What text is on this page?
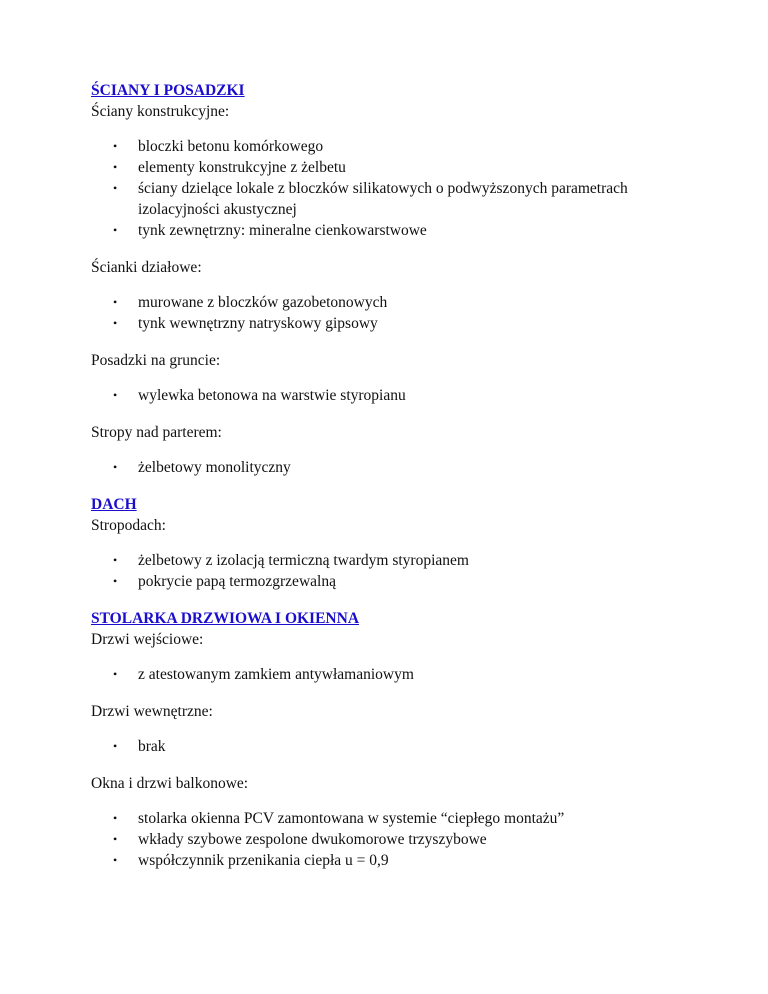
ŚCIANY I POSADZKI

Ściany konstrukcyjne:

• bloczki betonu komórkowego
• elementy konstrukcyjne z żelbetu
• ściany dzielące lokale z bloczków silikatowych o podwyższonych parametrach izolacyjności akustycznej
• tynk zewnętrzny: mineralne cienkowarstwowe

Ścianki działowe:

• murowane z bloczków gazobetonowych
• tynk wewnętrzny natryskowy gipsowy

Posadzki na gruncie:

• wylewka betonowa na warstwie styropianu

Stropy nad parterem:

• żelbetowy monolityczny
DACH

Stropodach:

• żelbetowy z izolacją termiczną twardym styropianem
• pokrycie papą termozgrzewalną
STOLARKA DRZWIOWA I OKIENNA

Drzwi wejściowe:

• z atestowanym zamkiem antywłamaniowym

Drzwi wewnętrzne:

• brak

Okna i drzwi balkonowe:

• stolarka okienna PCV zamontowana w systemie “ciepłego montażu”
• wkłady szybowe zespolone dwukomorowe trzyszybowe
• współczynnik przenikania ciepła u = 0,9
